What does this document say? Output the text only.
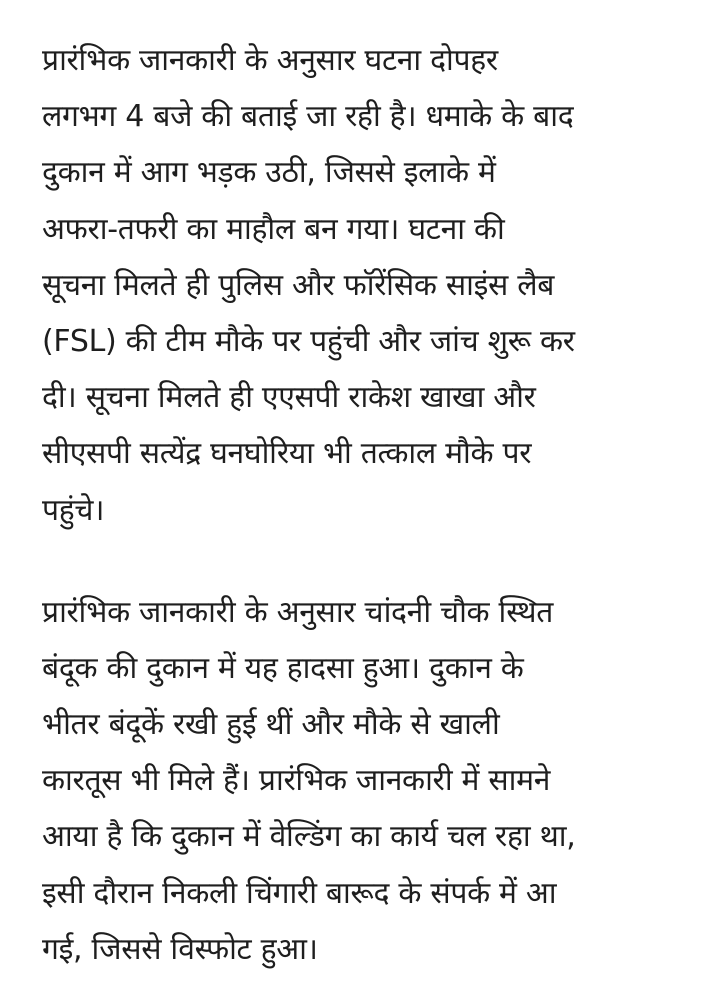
प्रारंभिक जानकारी के अनुसार घटना दोपहर
लगभग 4 बजे की बताई जा रही है। धमाके के बाद
दुकान में आग भड़क उठी, जिससे इलाके में
अफरा-तफरी का माहौल बन गया। घटना की
सूचना मिलते ही पुलिस और फॉरेंसिक साइंस लैब
(FSL) की टीम मौके पर पहुंची और जांच शुरू कर
दी। सूचना मिलते ही एएसपी राकेश खाखा और
सीएसपी सत्येंद्र घनघोरिया भी तत्काल मौके पर
पहुंचे।

प्रारंभिक जानकारी के अनुसार चांदनी चौक स्थित
बंदूक की दुकान में यह हादसा हुआ। दुकान के
भीतर बंदूकें रखी हुई थीं और मौके से खाली
कारतूस भी मिले हैं। प्रारंभिक जानकारी में सामने
आया है कि दुकान में वेल्डिंग का कार्य चल रहा था,
इसी दौरान निकली चिंगारी बारूद के संपर्क में आ
गई, जिससे विस्फोट हुआ।
